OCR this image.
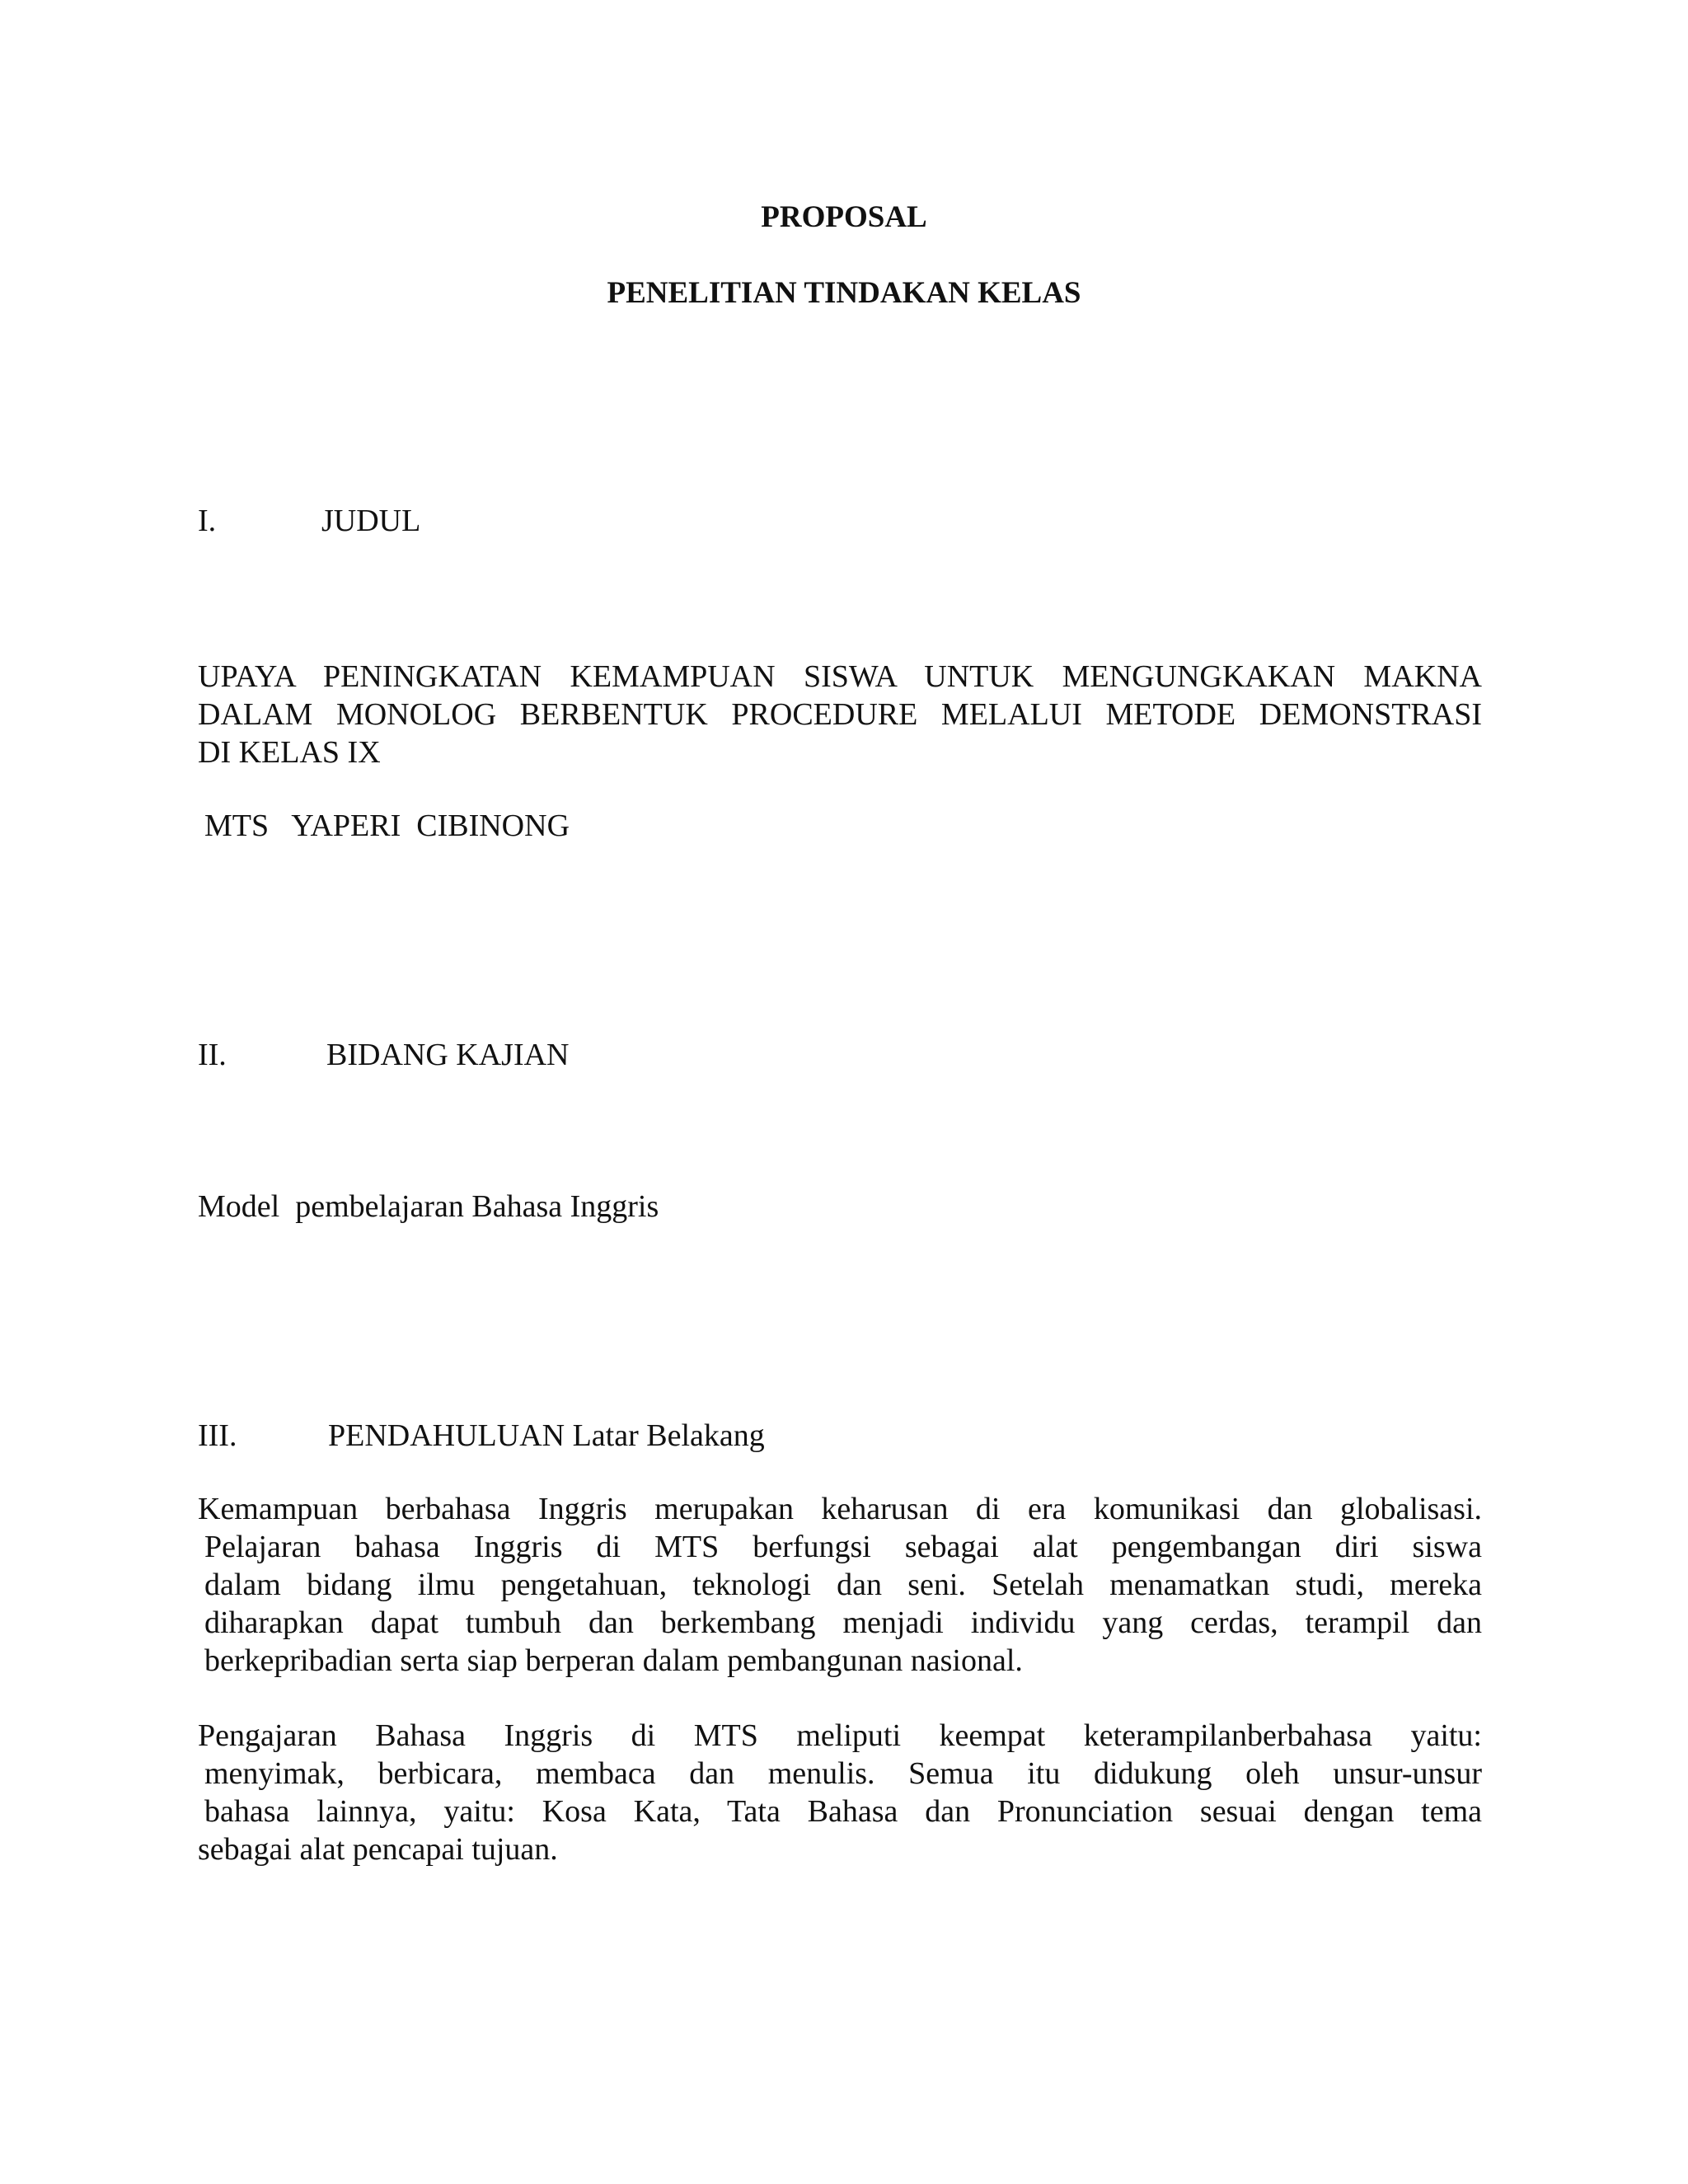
PROPOSAL
PENELITIAN TINDAKAN KELAS
I.	JUDUL
UPAYA PENINGKATAN KEMAMPUAN SISWA UNTUK MENGUNGKAKAN MAKNA
DALAM MONOLOG BERBENTUK PROCEDURE MELALUI METODE DEMONSTRASI
DI KELAS IX
MTS   YAPERI  CIBINONG
II.	BIDANG KAJIAN
Model  pembelajaran Bahasa Inggris
III.	PENDAHULUAN Latar Belakang
Kemampuan berbahasa Inggris merupakan keharusan di era komunikasi dan globalisasi.
Pelajaran bahasa Inggris di MTS berfungsi sebagai alat pengembangan diri siswa
dalam bidang ilmu pengetahuan, teknologi dan seni. Setelah menamatkan studi, mereka
diharapkan dapat tumbuh dan berkembang menjadi individu yang cerdas, terampil dan
berkepribadian serta siap berperan dalam pembangunan nasional.
Pengajaran Bahasa Inggris di MTS meliputi keempat keterampilanberbahasa yaitu:
menyimak, berbicara, membaca dan menulis. Semua itu didukung oleh unsur-unsur
bahasa lainnya, yaitu: Kosa Kata, Tata Bahasa dan Pronunciation sesuai dengan tema
sebagai alat pencapai tujuan.
